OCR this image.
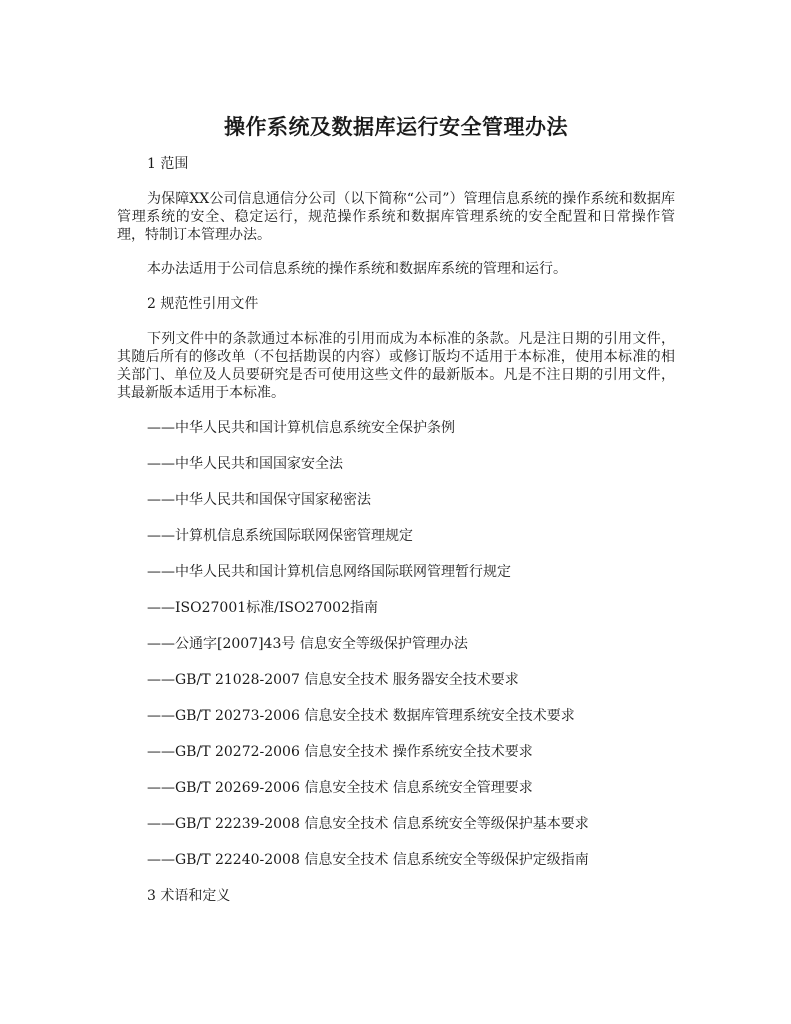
操作系统及数据库运行安全管理办法
1 范围

为保障XX公司信息通信分公司（以下简称“公司”）管理信息系统的操作系统和数据库管理系统的安全、稳定运行，规范操作系统和数据库管理系统的安全配置和日常操作管理，特制订本管理办法。

本办法适用于公司信息系统的操作系统和数据库系统的管理和运行。

2 规范性引用文件

下列文件中的条款通过本标准的引用而成为本标准的条款。凡是注日期的引用文件，其随后所有的修改单（不包括勘误的内容）或修订版均不适用于本标准，使用本标准的相关部门、单位及人员要研究是否可使用这些文件的最新版本。凡是不注日期的引用文件，其最新版本适用于本标准。

——中华人民共和国计算机信息系统安全保护条例
——中华人民共和国国家安全法
——中华人民共和国保守国家秘密法
——计算机信息系统国际联网保密管理规定
——中华人民共和国计算机信息网络国际联网管理暂行规定
——ISO27001标准/ISO27002指南
——公通字[2007]43号 信息安全等级保护管理办法
——GB/T 21028-2007 信息安全技术 服务器安全技术要求
——GB/T 20273-2006 信息安全技术 数据库管理系统安全技术要求
——GB/T 20272-2006 信息安全技术 操作系统安全技术要求
——GB/T 20269-2006 信息安全技术 信息系统安全管理要求
——GB/T 22239-2008 信息安全技术 信息系统安全等级保护基本要求
——GB/T 22240-2008 信息安全技术 信息系统安全等级保护定级指南
3 术语和定义
